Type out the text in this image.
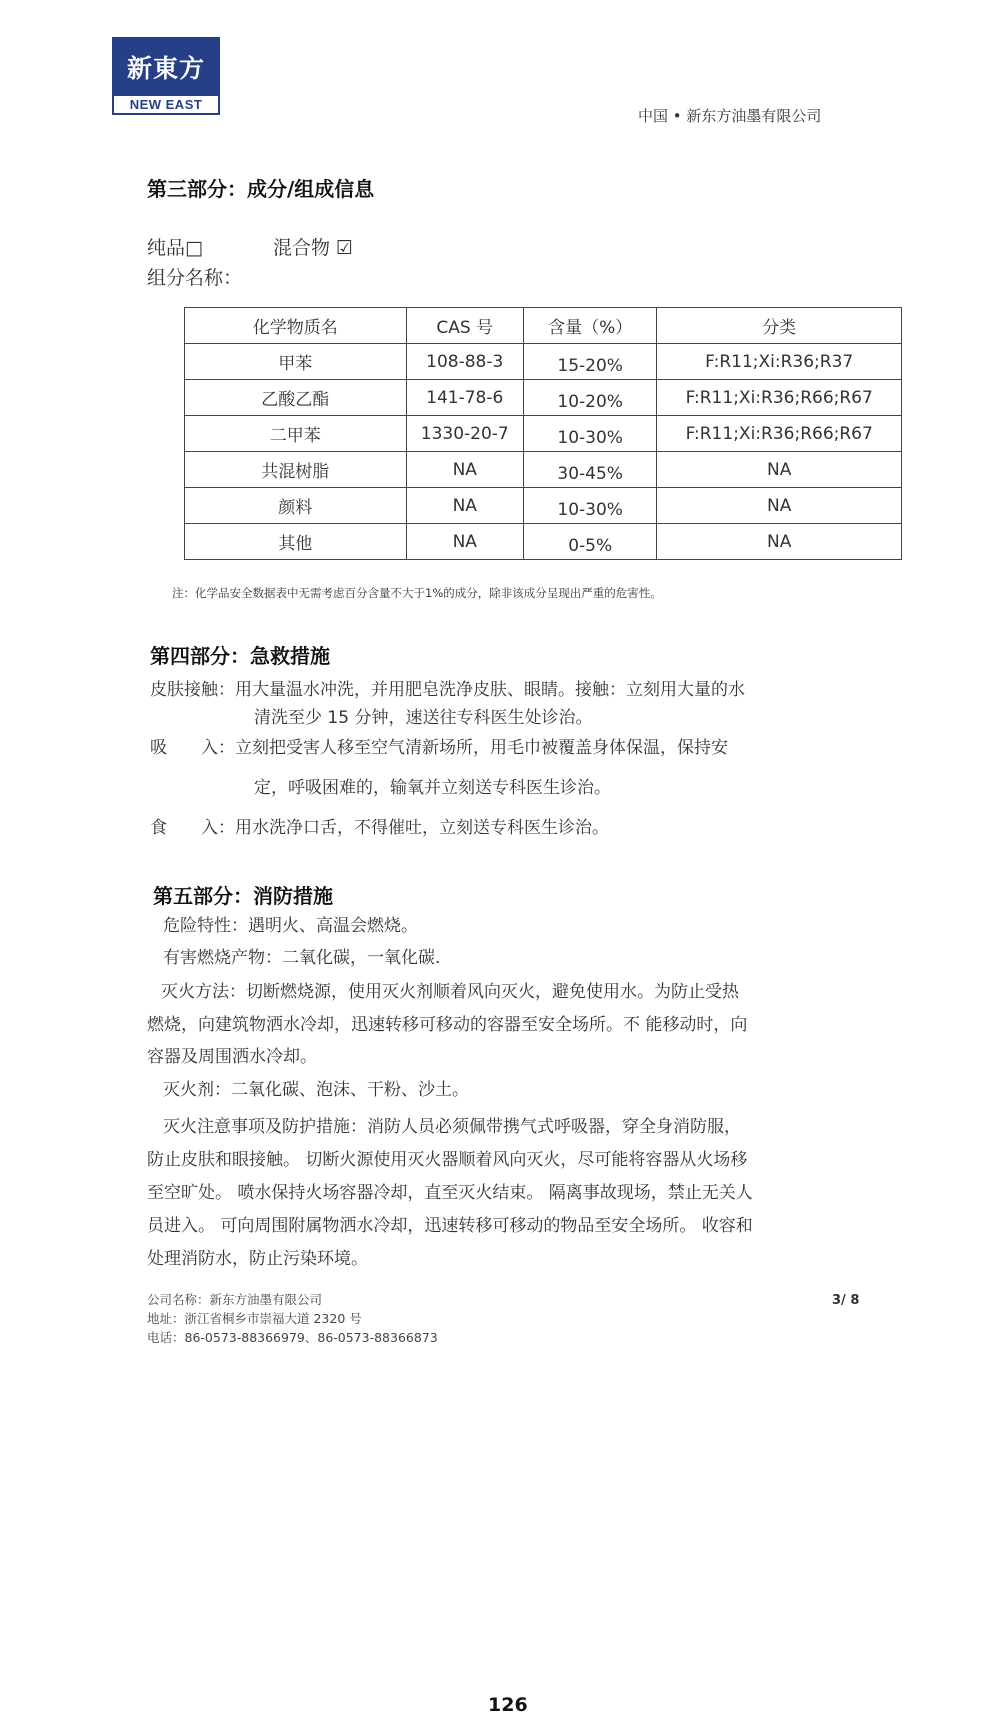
新東方
NEW EAST
中国 • 新东方油墨有限公司
第三部分：成分/组成信息
纯品□	混合物 ☑
组分名称：
化学物质名	CAS 号	含量（%）	分类
甲苯	108-88-3	15-20%	F:R11;Xi:R36;R37
乙酸乙酯	141-78-6	10-20%	F:R11;Xi:R36;R66;R67
二甲苯	1330-20-7	10-30%	F:R11;Xi:R36;R66;R67
共混树脂	NA	30-45%	NA
颜料	NA	10-30%	NA
其他	NA	0-5%	NA
注：化学品安全数据表中无需考虑百分含量不大于1%的成分，除非该成分呈现出严重的危害性。
第四部分：急救措施
皮肤接触：用大量温水冲洗，并用肥皂洗净皮肤、眼睛。接触：立刻用大量的水
清洗至少 15 分钟，速送往专科医生处诊治。
吸　　入：立刻把受害人移至空气清新场所，用毛巾被覆盖身体保温，保持安
定，呼吸困难的，输氧并立刻送专科医生诊治。
食　　入：用水洗净口舌，不得催吐，立刻送专科医生诊治。
第五部分：消防措施
危险特性：遇明火、高温会燃烧。
有害燃烧产物：二氧化碳，一氧化碳.
灭火方法：切断燃烧源，使用灭火剂顺着风向灭火，避免使用水。为防止受热
燃烧，向建筑物洒水冷却，迅速转移可移动的容器至安全场所。不 能移动时，向
容器及周围洒水冷却。
灭火剂：二氧化碳、泡沫、干粉、沙土。
灭火注意事项及防护措施：消防人员必须佩带携气式呼吸器，穿全身消防服，
防止皮肤和眼接触。 切断火源使用灭火器顺着风向灭火，尽可能将容器从火场移
至空旷处。 喷水保持火场容器冷却，直至灭火结束。 隔离事故现场，禁止无关人
员进入。 可向周围附属物洒水冷却，迅速转移可移动的物品至安全场所。 收容和
处理消防水，防止污染环境。
公司名称：新东方油墨有限公司
地址：浙江省桐乡市崇福大道 2320 号
电话：86-0573-88366979、86-0573-88366873
3/ 8
126
